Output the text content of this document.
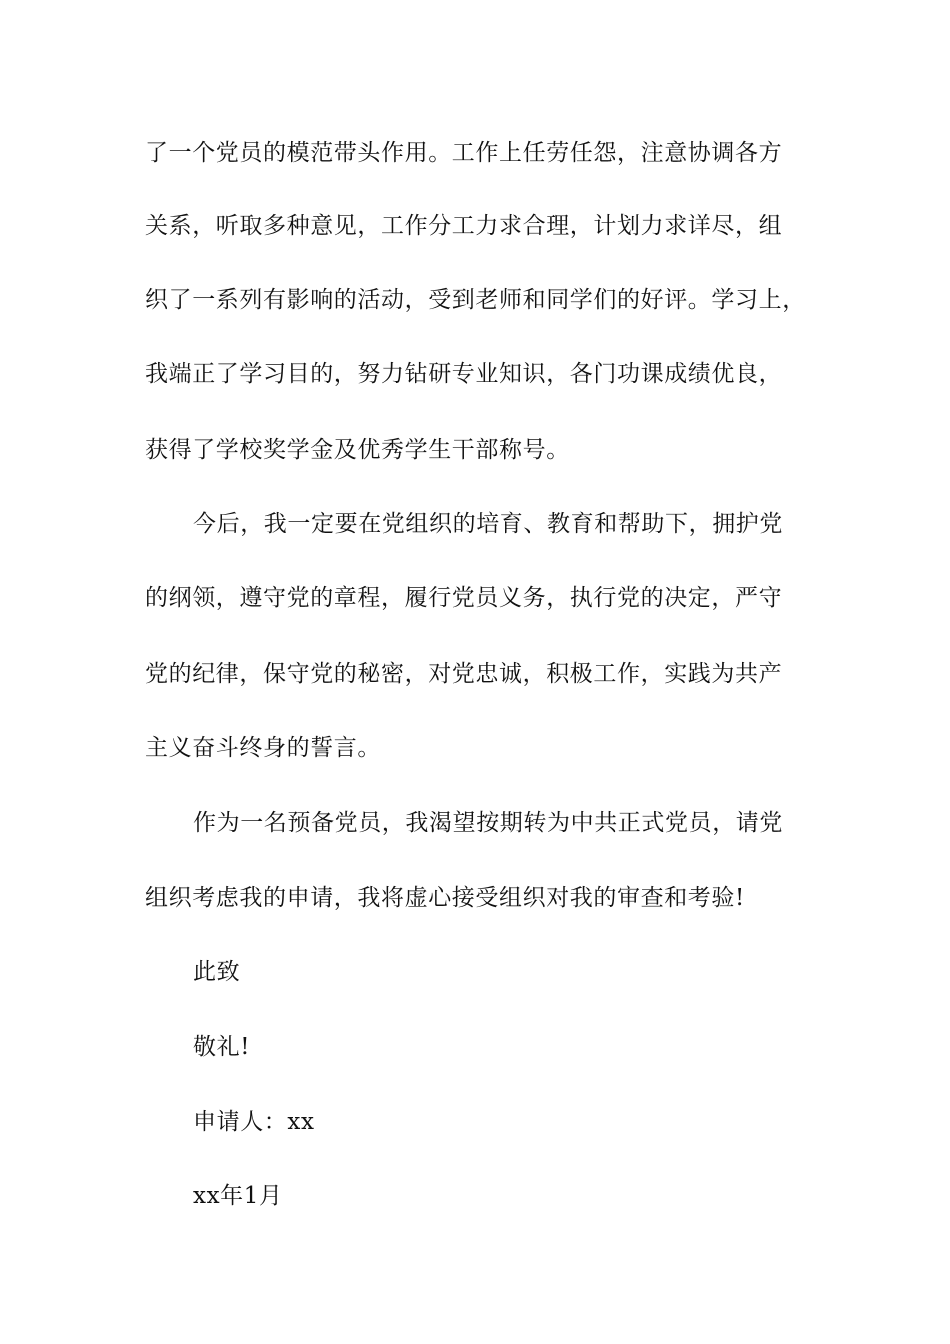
了一个党员的模范带头作用。工作上任劳任怨，注意协调各方
关系，听取多种意见，工作分工力求合理，计划力求详尽，组
织了一系列有影响的活动，受到老师和同学们的好评。学习上，
我端正了学习目的，努力钻研专业知识，各门功课成绩优良，
获得了学校奖学金及优秀学生干部称号。
今后，我一定要在党组织的培育、教育和帮助下，拥护党
的纲领，遵守党的章程，履行党员义务，执行党的决定，严守
党的纪律，保守党的秘密，对党忠诚，积极工作，实践为共产
主义奋斗终身的誓言。
作为一名预备党员，我渴望按期转为中共正式党员，请党
组织考虑我的申请，我将虚心接受组织对我的审查和考验!
此致
敬礼!
申请人：xx
xx年1月
